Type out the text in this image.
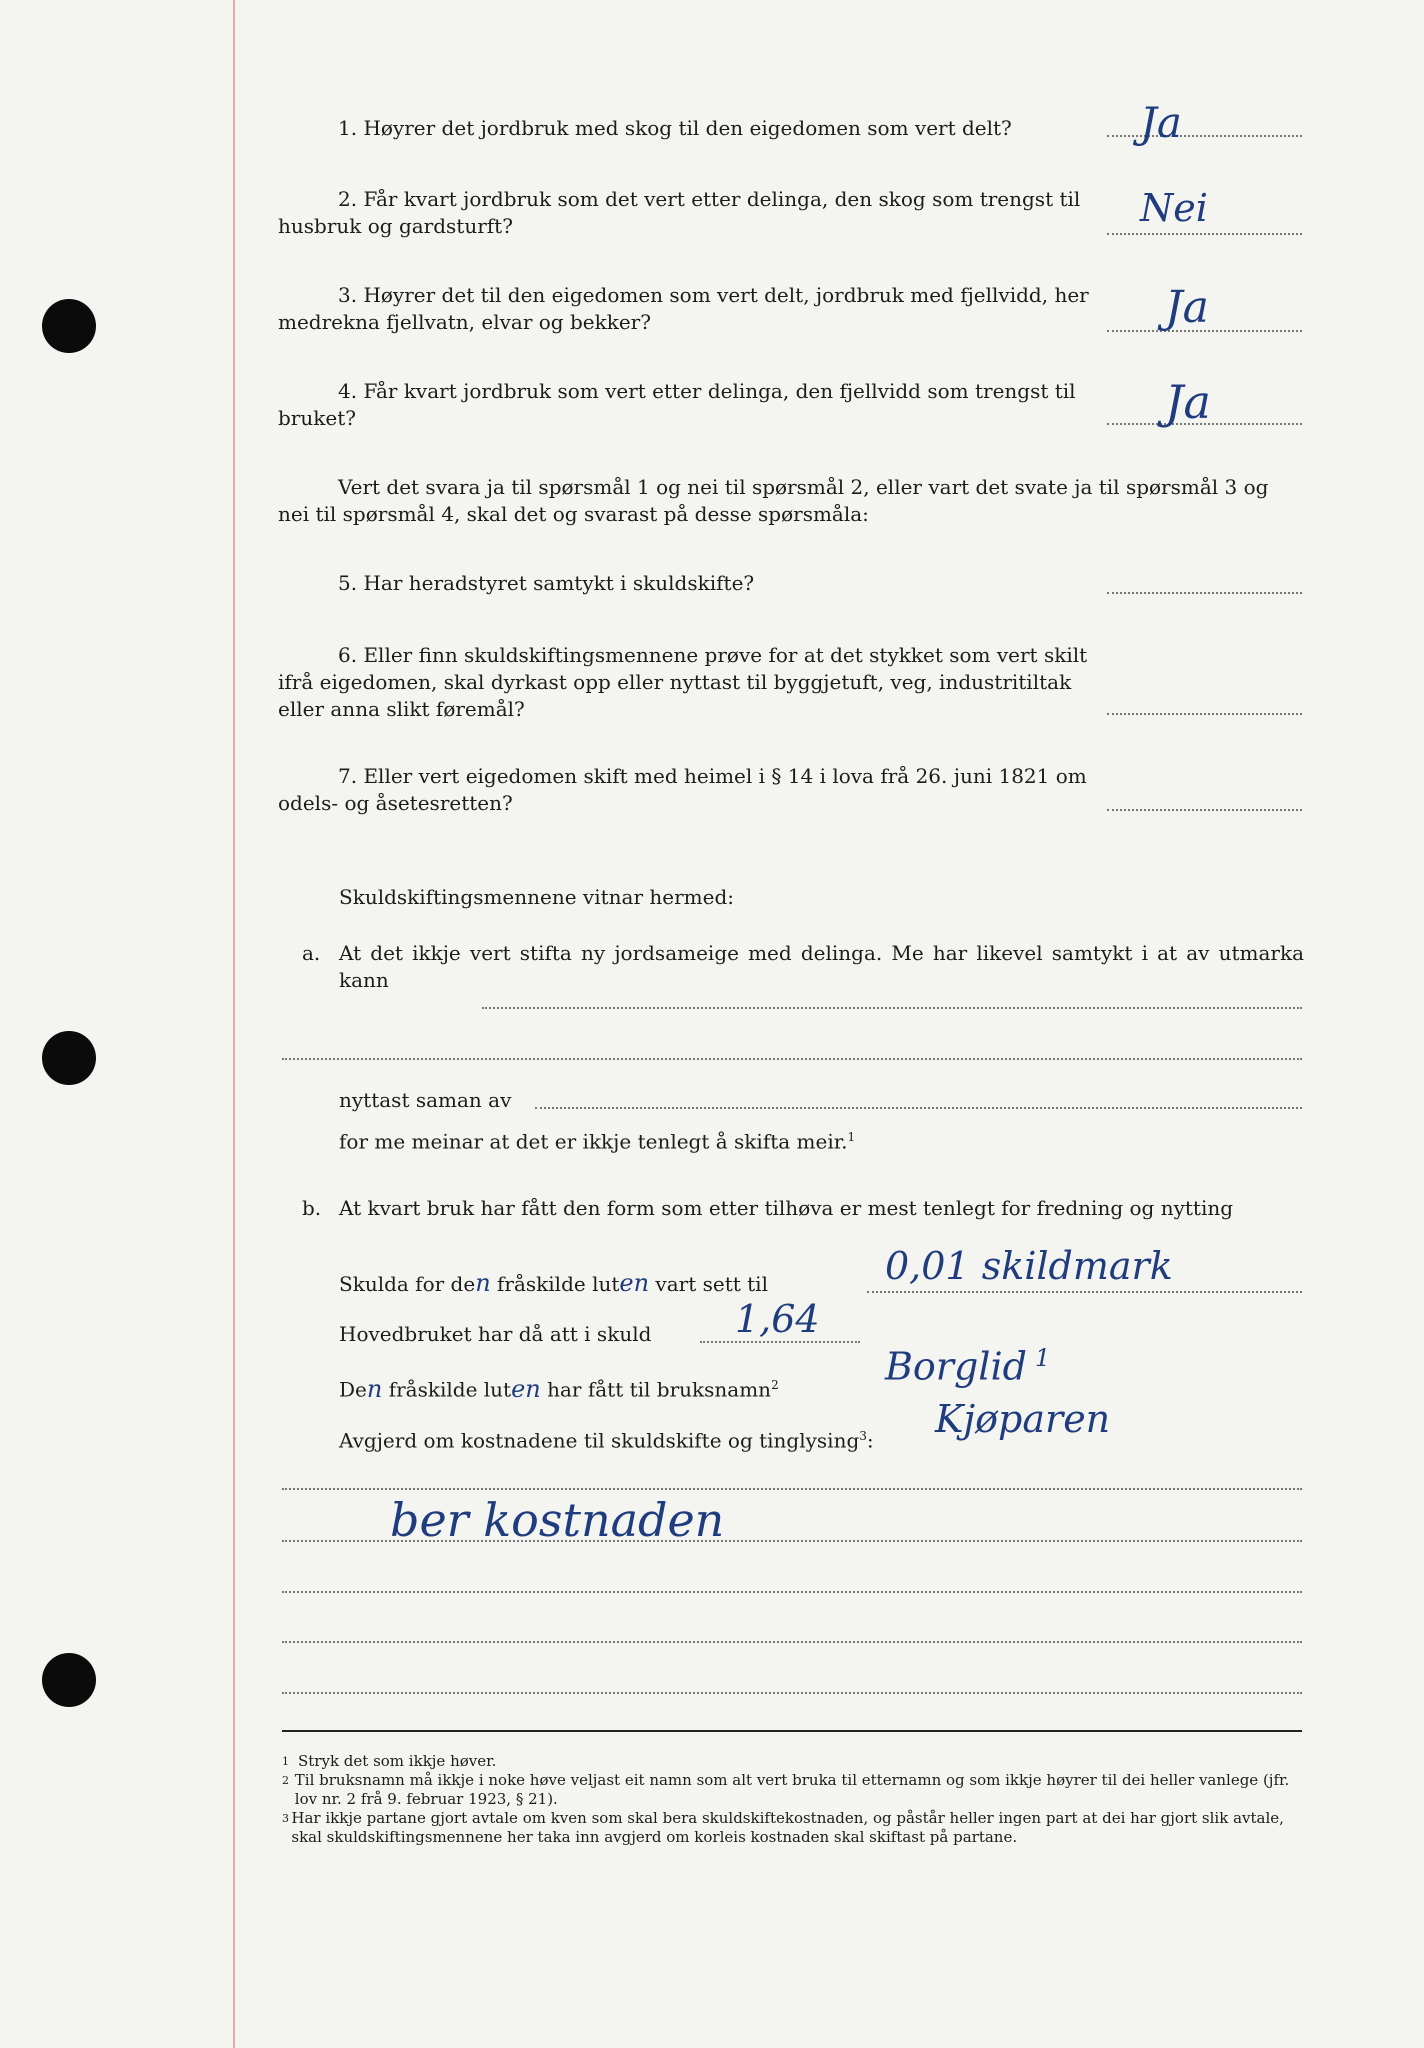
1. Høyrer det jordbruk med skog til den eigedomen som vert delt?	Ja

2. Får kvart jordbruk som det vert etter delinga, den skog som trengst til husbruk og gardsturft?	Nei

3. Høyrer det til den eigedomen som vert delt, jordbruk med fjellvidd, her medrekna fjellvatn, elvar og bekker?	Ja

4. Får kvart jordbruk som vert etter delinga, den fjellvidd som trengst til bruket?	Ja

Vert det svara ja til spørsmål 1 og nei til spørsmål 2, eller vart det svate ja til spørsmål 3 og nei til spørsmål 4, skal det og svarast på desse spørsmåla:

5. Har heradstyret samtykt i skuldskifte?

6. Eller finn skuldskiftingsmennene prøve for at det stykket som vert skilt ifrå eigedomen, skal dyrkast opp eller nyttast til byggjetuft, veg, industritiltak eller anna slikt føremål?

7. Eller vert eigedomen skift med heimel i § 14 i lova frå 26. juni 1821 om odels- og åsetesretten?

Skuldskiftingsmennene vitnar hermed:
a. At det ikkje vert stifta ny jordsameige med delinga. Me har likevel samtykt i at av utmarka kann

nyttast saman av
for me meinar at det er ikkje tenlegt å skifta meir.$^1$
b. At kvart bruk har fått den form som etter tilhøva er mest tenlegt for fredning og nytting
Skulda for den fråskilde luten vart sett til	0,01 skildmark
Hovedbruket har då att i skuld 1,64
Den fråskilde luten har fått til bruksnamn$^2$	Borglid $^1$
Avgjerd om kostnadene til skuldskifte og tinglysing$^3$: Kjøparen
ber kostnaden
1 Stryk det som ikkje høver.
2 Til bruksnamn må ikkje i noke høve veljast eit namn som alt vert bruka til etternamn og som ikkje høyrer til dei heller vanlege (jfr. lov nr. 2 frå 9. februar 1923, § 21).
3 Har ikkje partane gjort avtale om kven som skal bera skuldskiftekostnaden, og påstår heller ingen part at dei har gjort slik avtale, skal skuldskiftingsmennene her taka inn avgjerd om korleis kostnaden skal skiftast på partane.
